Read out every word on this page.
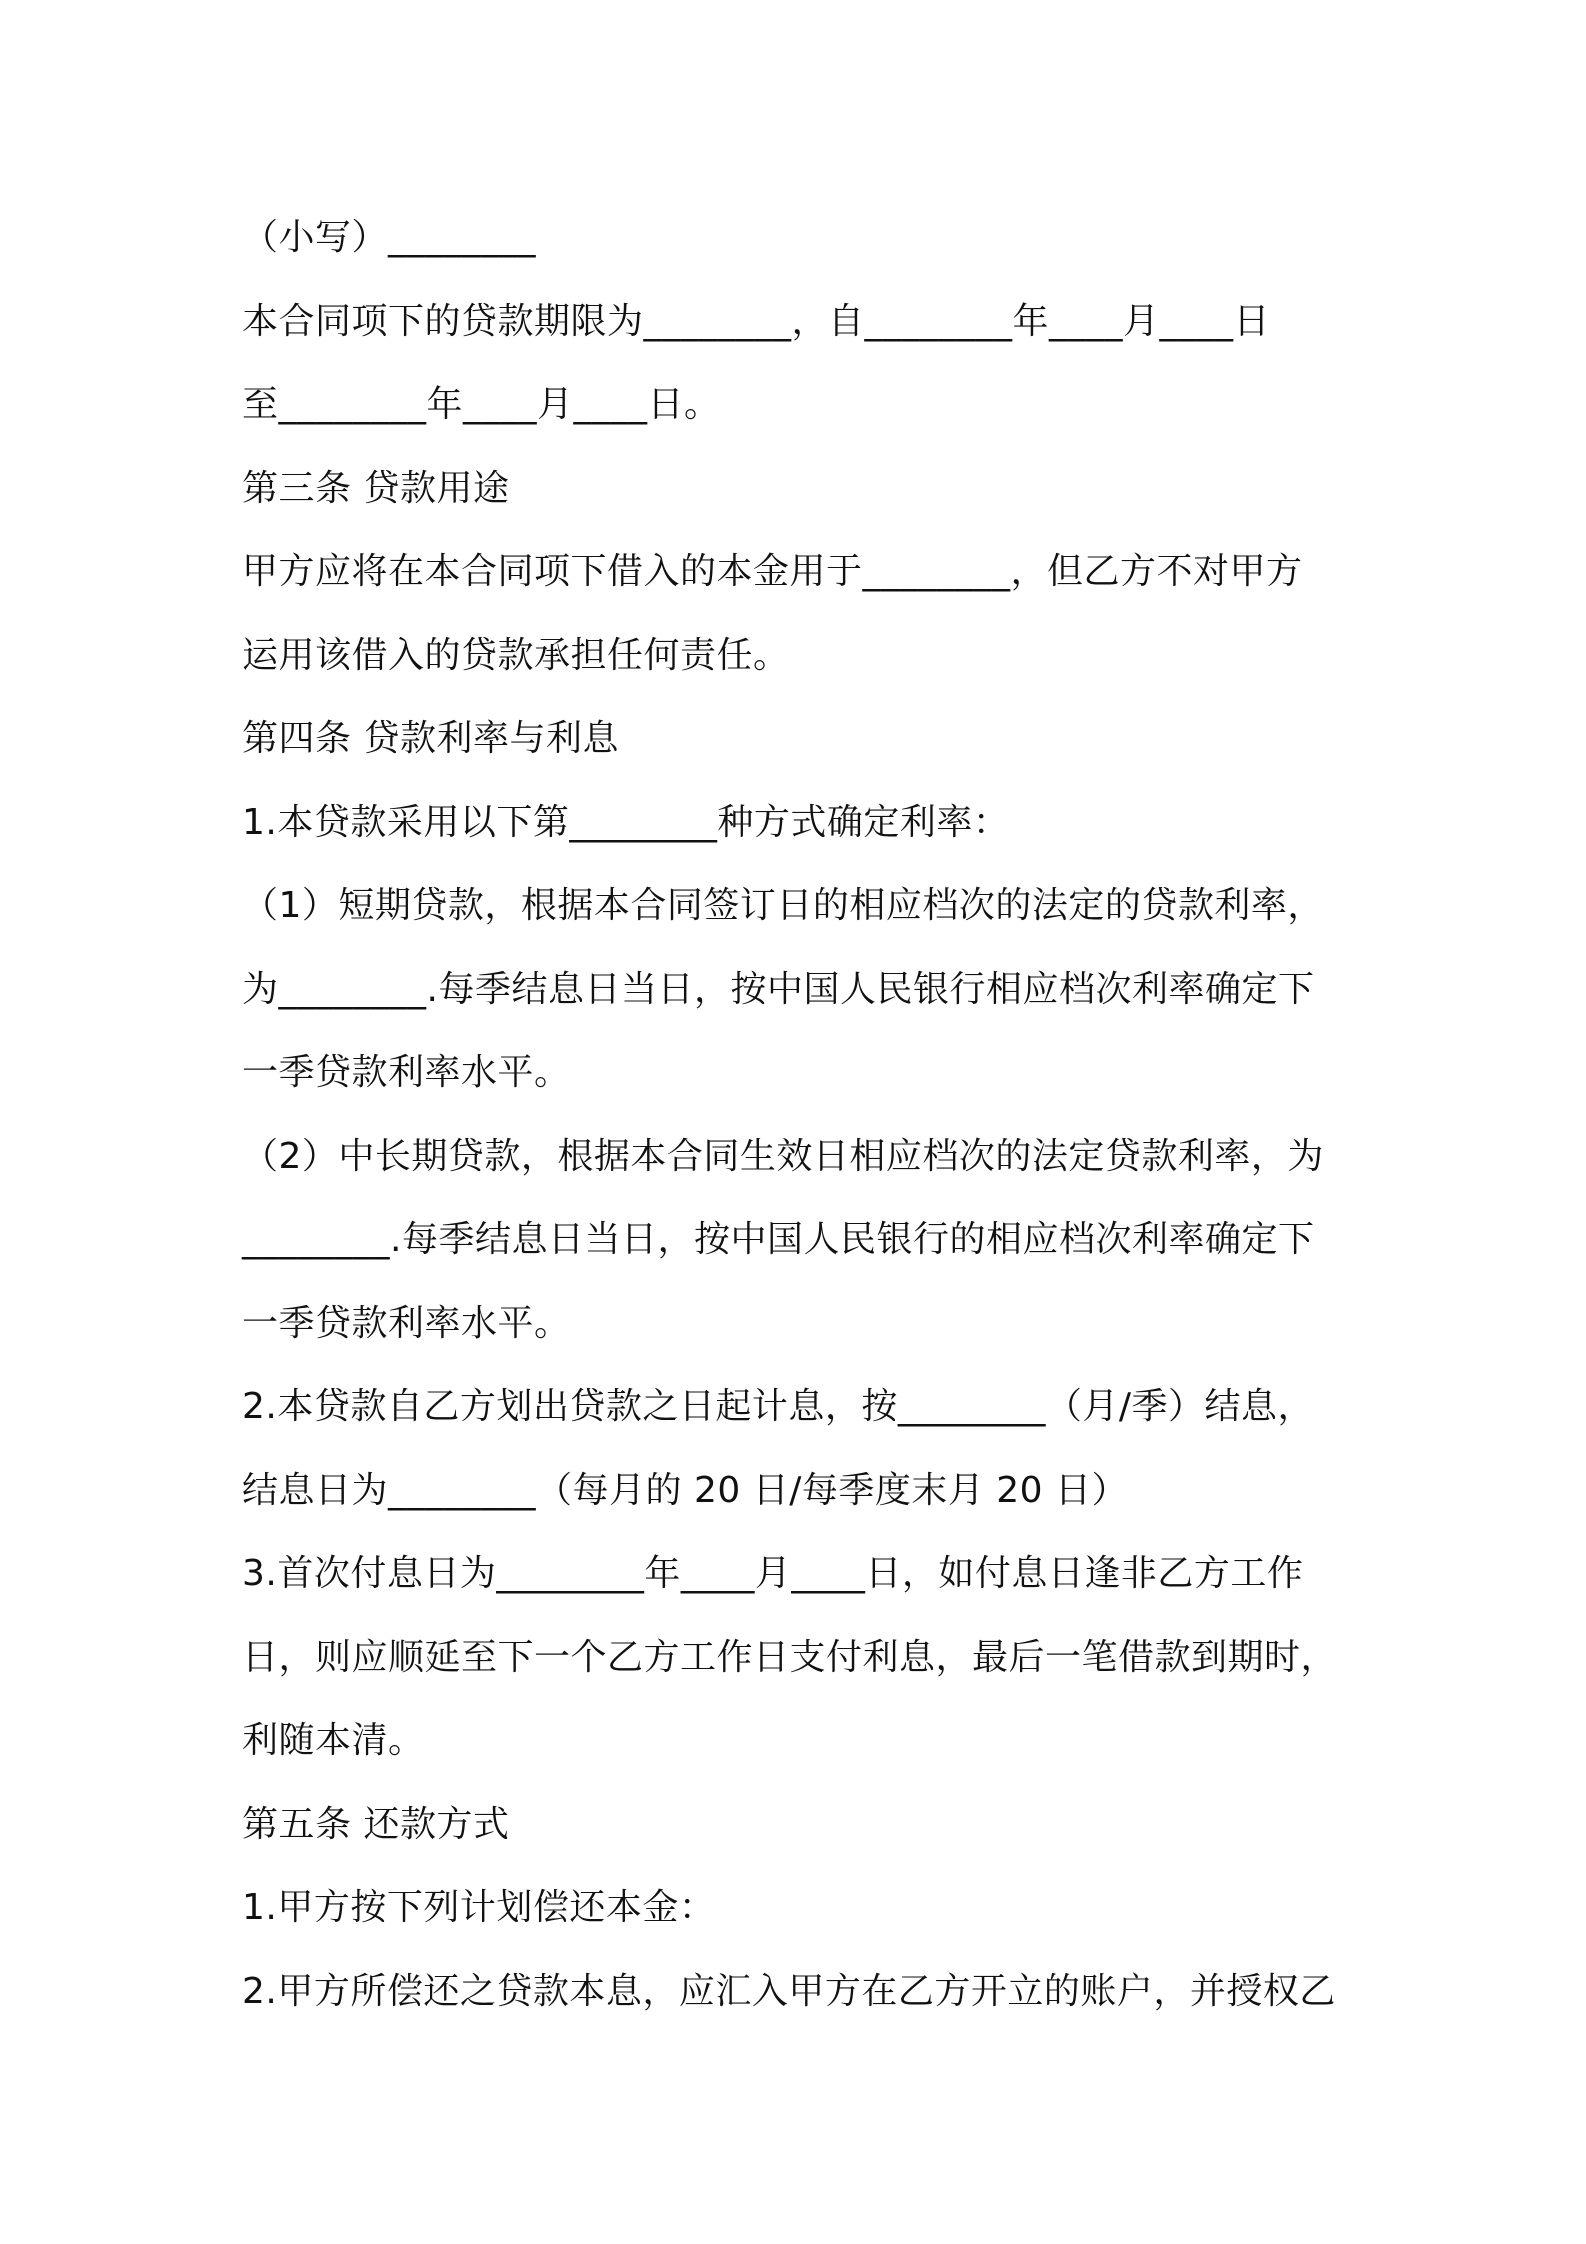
（小写）________
本合同项下的贷款期限为________，自________年____月____日
至________年____月____日。
第三条 贷款用途
甲方应将在本合同项下借入的本金用于________，但乙方不对甲方
运用该借入的贷款承担任何责任。
第四条 贷款利率与利息
1.本贷款采用以下第________种方式确定利率：
（1）短期贷款，根据本合同签订日的相应档次的法定的贷款利率，
为________.每季结息日当日，按中国人民银行相应档次利率确定下
一季贷款利率水平。
（2）中长期贷款，根据本合同生效日相应档次的法定贷款利率，为
________.每季结息日当日，按中国人民银行的相应档次利率确定下
一季贷款利率水平。
2.本贷款自乙方划出贷款之日起计息，按________（月/季）结息，
结息日为________（每月的 20 日/每季度末月 20 日）
3.首次付息日为________年____月____日，如付息日逢非乙方工作
日，则应顺延至下一个乙方工作日支付利息，最后一笔借款到期时，
利随本清。
第五条 还款方式
1.甲方按下列计划偿还本金：
2.甲方所偿还之贷款本息，应汇入甲方在乙方开立的账户，并授权乙
